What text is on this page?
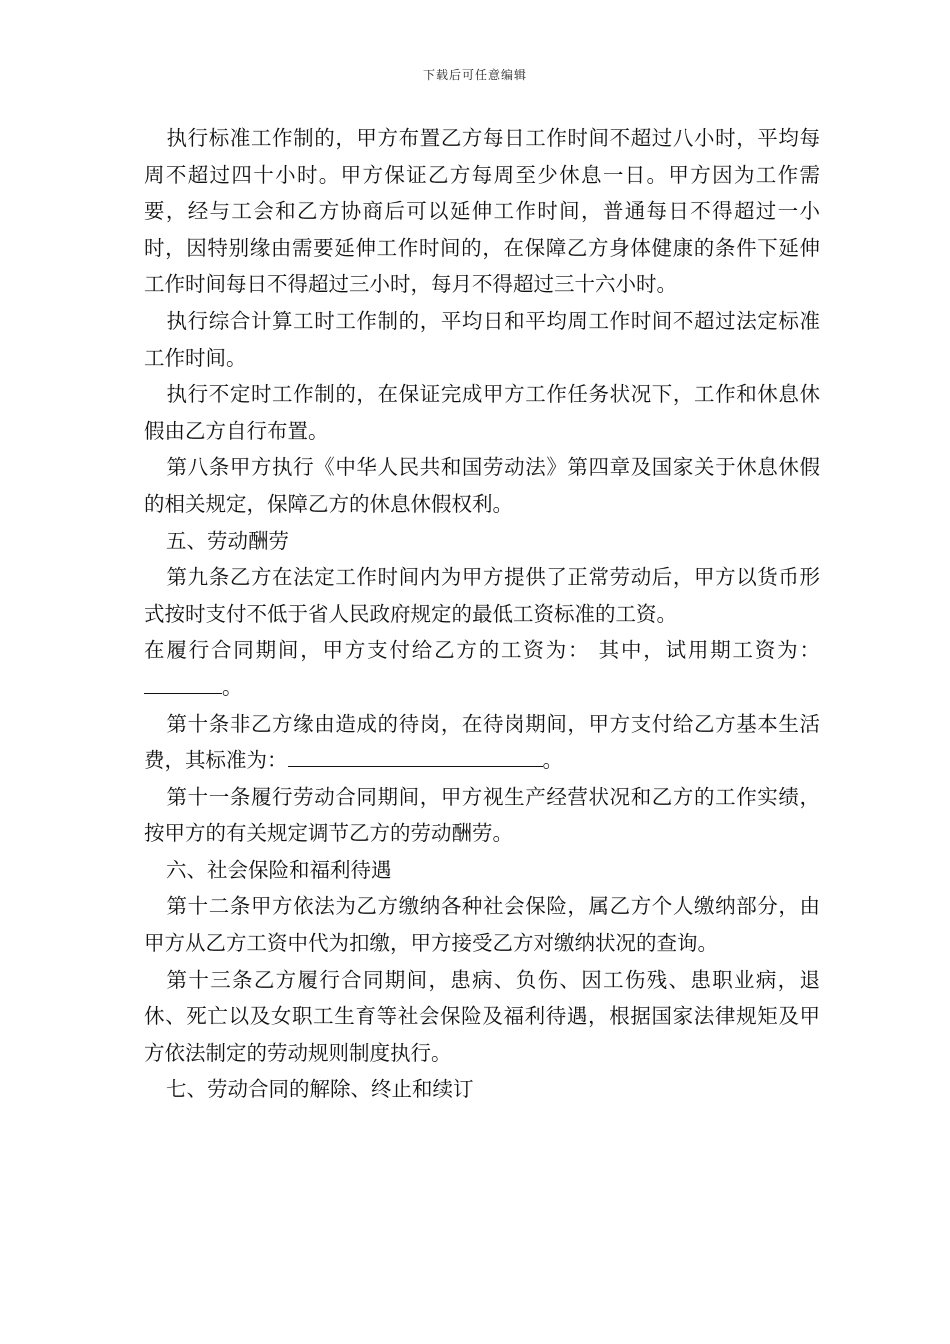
下载后可任意编辑

执行标准工作制的，甲方布置乙方每日工作时间不超过八小时，平均每周不超过四十小时。甲方保证乙方每周至少休息一日。甲方因为工作需要，经与工会和乙方协商后可以延伸工作时间，普通每日不得超过一小时，因特别缘由需要延伸工作时间的，在保障乙方身体健康的条件下延伸工作时间每日不得超过三小时，每月不得超过三十六小时。

执行综合计算工时工作制的，平均日和平均周工作时间不超过法定标准工作时间。

执行不定时工作制的，在保证完成甲方工作任务状况下，工作和休息休假由乙方自行布置。

第八条甲方执行《中华人民共和国劳动法》第四章及国家关于休息休假的相关规定，保障乙方的休息休假权利。

五、劳动酬劳

第九条乙方在法定工作时间内为甲方提供了正常劳动后，甲方以货币形式按时支付不低于省人民政府规定的最低工资标准的工资。

在履行合同期间，甲方支付给乙方的工资为： 其中，试用期工资为：。

第十条非乙方缘由造成的待岗，在待岗期间，甲方支付给乙方基本生活费，其标准为：	。

第十一条履行劳动合同期间，甲方视生产经营状况和乙方的工作实绩，按甲方的有关规定调节乙方的劳动酬劳。

六、社会保险和福利待遇

第十二条甲方依法为乙方缴纳各种社会保险，属乙方个人缴纳部分，由甲方从乙方工资中代为扣缴，甲方接受乙方对缴纳状况的查询。

第十三条乙方履行合同期间，患病、负伤、因工伤残、患职业病，退休、死亡以及女职工生育等社会保险及福利待遇，根据国家法律规矩及甲方依法制定的劳动规则制度执行。

七、劳动合同的解除、终止和续订
